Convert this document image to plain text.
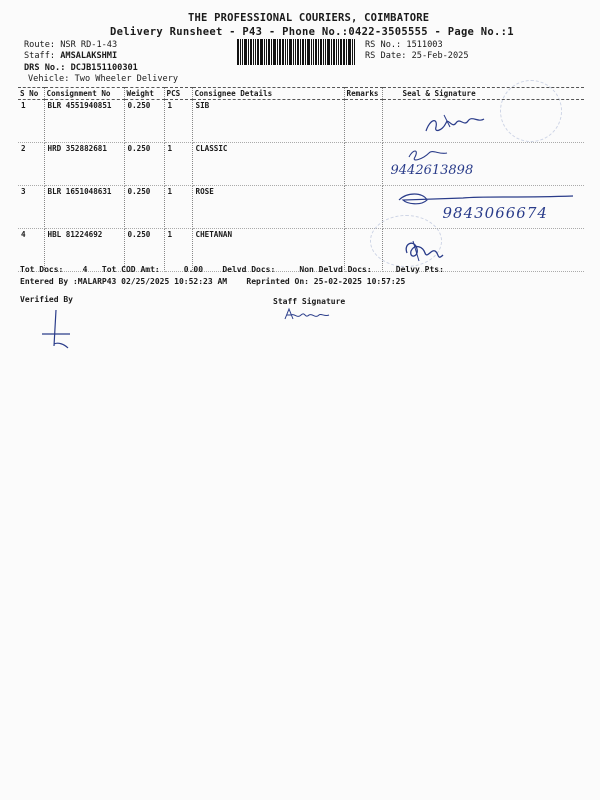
THE PROFESSIONAL COURIERS, COIMBATORE
Delivery Runsheet - P43 - Phone No.:0422-3505555 - Page No.:1
Route: NSR RD-1-43
Staff: AMSALAKSHMI
DRS No.: DCJB151100301
Vehicle: Two Wheeler Delivery
RS No.: 1511003
RS Date: 25-Feb-2025
S No	Consignment No	Weight	PCS	Consignee Details	Remarks	Seal & Signature
1	BLR 4551940851	0.250	1	SIB		
2	HRD 352882681	0.250	1	CLASSIC		9442613898

3	BLR 1651048631	0.250	1	ROSE		9843066674

4	HBL 81224692	0.250	1	CHETANAN		
Tot Docs: 4 Tot COD Amt:	0.00 Delvd Docs:	Non Delvd Docs:	Delvy Pts:
Entered By :MALARP43 02/25/2025 10:52:23 AM Reprinted On: 25-02-2025 10:57:25
Verified By	Staff Signature
